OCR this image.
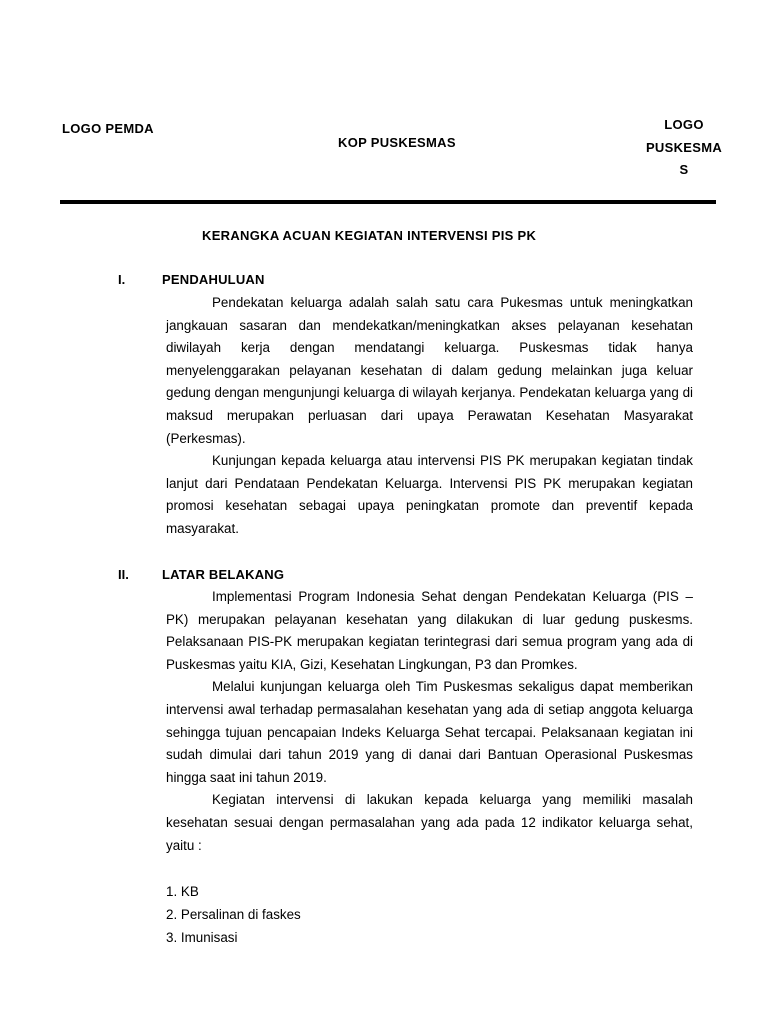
LOGO PEMDA
KOP PUSKESMAS
LOGO
PUSKESMA
S
KERANGKA ACUAN KEGIATAN INTERVENSI PIS PK
I.	PENDAHULUAN

Pendekatan keluarga adalah salah satu cara Pukesmas untuk meningkatkan jangkauan sasaran dan mendekatkan/meningkatkan akses pelayanan kesehatan diwilayah kerja dengan mendatangi keluarga. Puskesmas tidak hanya menyelenggarakan pelayanan kesehatan di dalam gedung melainkan juga keluar gedung dengan mengunjungi keluarga di wilayah kerjanya. Pendekatan keluarga yang di maksud merupakan perluasan dari upaya Perawatan Kesehatan Masyarakat (Perkesmas).

Kunjungan kepada keluarga atau intervensi PIS PK merupakan kegiatan tindak lanjut dari Pendataan Pendekatan Keluarga. Intervensi PIS PK merupakan kegiatan promosi kesehatan sebagai upaya peningkatan promote dan preventif kepada masyarakat.

II.	LATAR BELAKANG

Implementasi Program Indonesia Sehat dengan Pendekatan Keluarga (PIS – PK) merupakan pelayanan kesehatan yang dilakukan di luar gedung puskesms. Pelaksanaan PIS-PK merupakan kegiatan terintegrasi dari semua program yang ada di Puskesmas yaitu KIA, Gizi, Kesehatan Lingkungan, P3 dan Promkes.

Melalui kunjungan keluarga oleh Tim Puskesmas sekaligus dapat memberikan intervensi awal terhadap permasalahan kesehatan yang ada di setiap anggota keluarga sehingga tujuan pencapaian Indeks Keluarga Sehat tercapai. Pelaksanaan kegiatan ini sudah dimulai dari tahun 2019 yang di danai dari Bantuan Operasional Puskesmas hingga saat ini tahun 2019.

Kegiatan intervensi di lakukan kepada keluarga yang memiliki masalah kesehatan sesuai dengan permasalahan yang ada pada 12 indikator keluarga sehat, yaitu :

1. KB
2. Persalinan di faskes
3. Imunisasi
